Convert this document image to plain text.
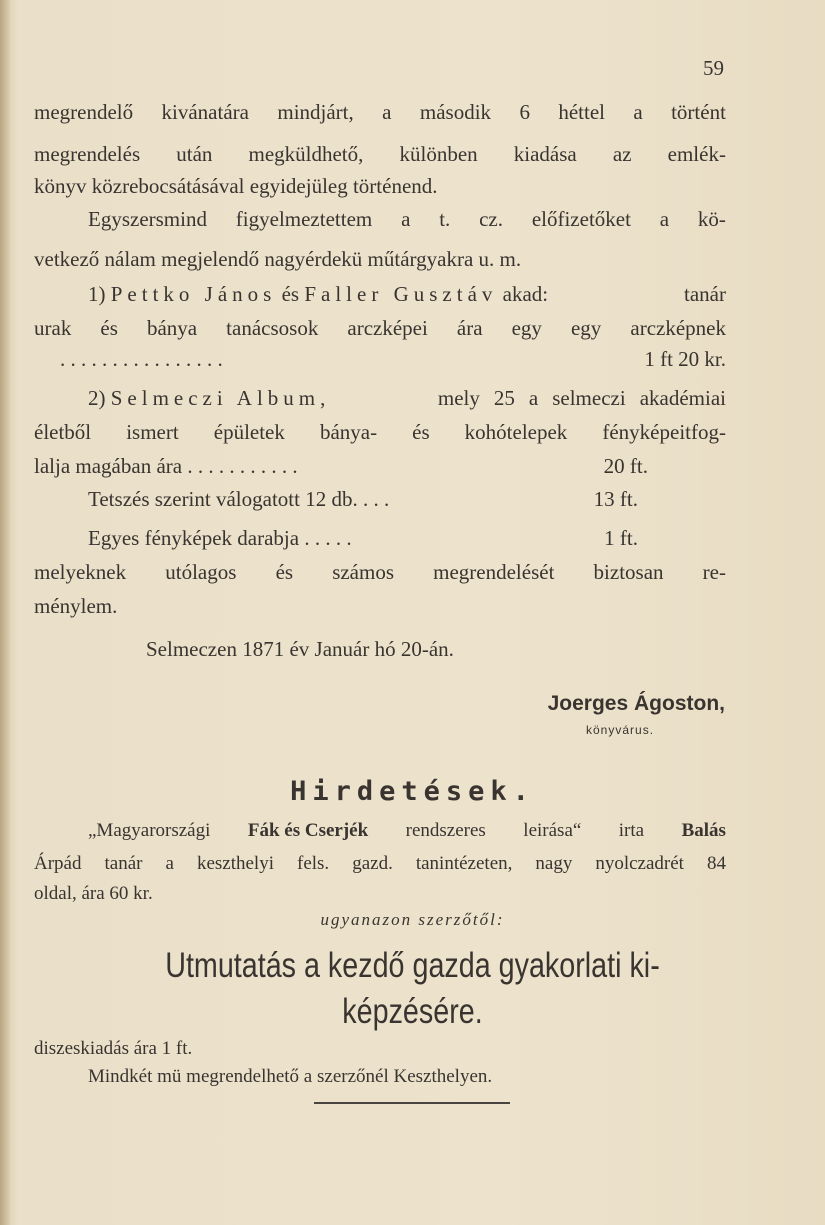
59
megrendelő kivánatára mindjárt, a második 6 héttel a történt
megrendelés után megküldhető, különben kiadása az emlék-
könyv közrebocsátásával egyidejüleg történend.
Egyszersmind figyelmeztettem a t. cz. előfizetőket a kö-
vetkező nálam megjelendő nagyérdekü műtárgyakra u. m.
1) Pettko János és Faller Gusztáv akad:	tanár
urak és bánya tanácsosok arczképei ára egy egy arczképnek
. . . . . . . . . . . . . . . .	1 ft 20 kr.
2) Selmeczi Album,	mely 25 a selmeczi akadémiai
életből ismert épületek bánya- és kohótelepek fényképeitfog-
lalja magában ára . . . . . . . . . . .	20 ft.
Tetszés szerint válogatott 12 db. . . .	13 ft.
Egyes fényképek darabja . . . . .	1 ft.
melyeknek utólagos és számos megrendelését biztosan re-
ménylem.
Selmeczen 1871 év Január hó 20-án.
Joerges Ágoston,
könyvárus.
Hirdetések.
„Magyarországi Fák és Cserjék rendszeres leirása“ irta Balás
Árpád tanár a keszthelyi fels. gazd. tanintézeten, nagy nyolczadrét 84
oldal, ára 60 kr.
ugyanazon szerzőtől:
Utmutatás a kezdő gazda gyakorlati ki-
képzésére.
diszeskiadás ára 1 ft.
Mindkét mü megrendelhető a szerzőnél Keszthelyen.
